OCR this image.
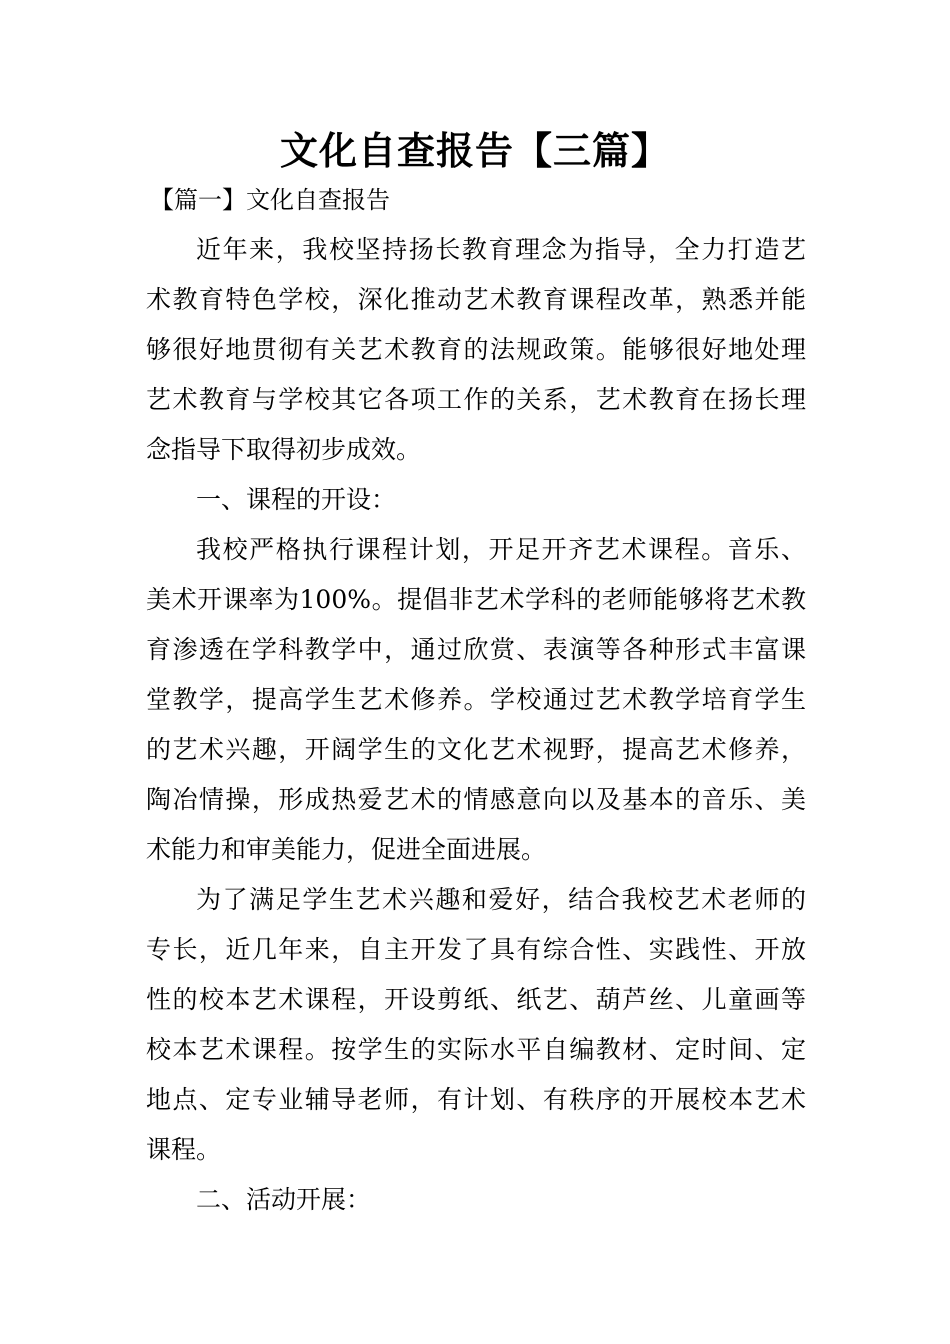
文化自查报告【三篇】

【篇一】文化自查报告

近年来，我校坚持扬长教育理念为指导，全力打造艺

术教育特色学校，深化推动艺术教育课程改革，熟悉并能

够很好地贯彻有关艺术教育的法规政策。能够很好地处理

艺术教育与学校其它各项工作的关系，艺术教育在扬长理

念指导下取得初步成效。

一、课程的开设：

我校严格执行课程计划，开足开齐艺术课程。音乐、

美术开课率为100%。提倡非艺术学科的老师能够将艺术教

育渗透在学科教学中，通过欣赏、表演等各种形式丰富课

堂教学，提高学生艺术修养。学校通过艺术教学培育学生

的艺术兴趣，开阔学生的文化艺术视野，提高艺术修养，

陶冶情操，形成热爱艺术的情感意向以及基本的音乐、美

术能力和审美能力，促进全面进展。

为了满足学生艺术兴趣和爱好，结合我校艺术老师的

专长，近几年来，自主开发了具有综合性、实践性、开放

性的校本艺术课程，开设剪纸、纸艺、葫芦丝、儿童画等

校本艺术课程。按学生的实际水平自编教材、定时间、定

地点、定专业辅导老师，有计划、有秩序的开展校本艺术

课程。

二、活动开展：
